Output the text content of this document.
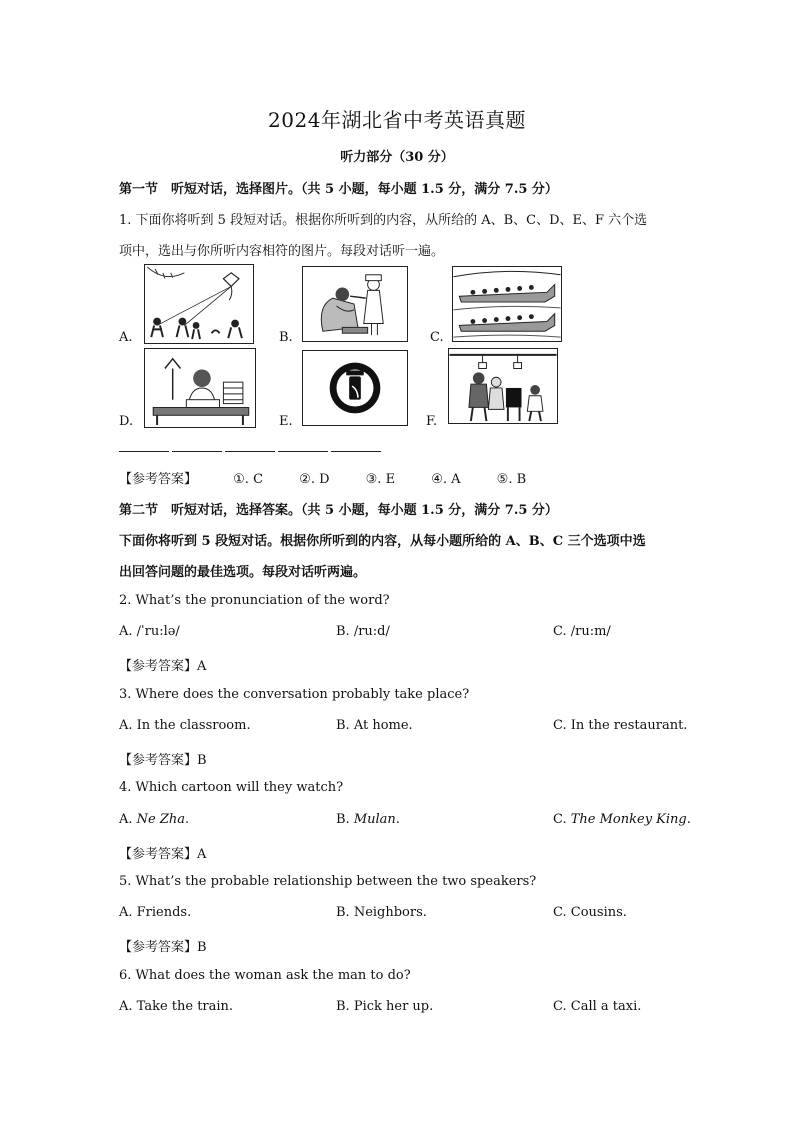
2024年湖北省中考英语真题
听力部分（30 分）
第一节　听短对话，选择图片。（共 5 小题，每小题 1.5 分，满分 7.5 分）
1. 下面你将听到 5 段短对话。根据你所听到的内容，从所给的 A、B、C、D、E、F 六个选
项中，选出与你所听内容相符的图片。每段对话听一遍。
A.	B.	C.
D.	E.	F.
【参考答案】	①. C	②. D	③. E	④. A	⑤. B
第二节　听短对话，选择答案。（共 5 小题，每小题 1.5 分，满分 7.5 分）
下面你将听到 5 段短对话。根据你所听到的内容，从每小题所给的 A、B、C 三个选项中选
出回答问题的最佳选项。每段对话听两遍。
2. What’s the pronunciation of the word?
A. /ˈru:lə/	B. /ru:d/	C. /ru:m/
【参考答案】A
3. Where does the conversation probably take place?
A. In the classroom.	B. At home.	C. In the restaurant.
【参考答案】B
4. Which cartoon will they watch?
A. Ne Zha.	B. Mulan.	C. The Monkey King.
【参考答案】A
5. What’s the probable relationship between the two speakers?
A. Friends.	B. Neighbors.	C. Cousins.
【参考答案】B
6. What does the woman ask the man to do?
A. Take the train.	B. Pick her up.	C. Call a taxi.
